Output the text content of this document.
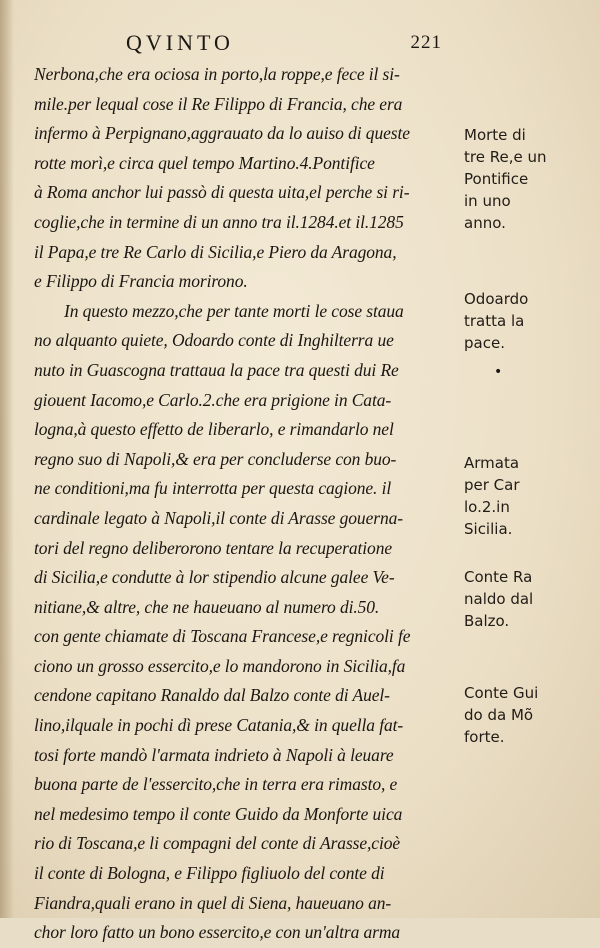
QVINTO	221
Nerbona,che era ociosa in porto,la roppe,e fece il si-
mile.per lequal cose il Re Filippo di Francia, che era
infermo à Perpignano,aggrauato da lo auiso di queste
rotte morì,e circa quel tempo Martino.4.Pontifice
à Roma anchor lui passò di questa uita,el perche si ri-
coglie,che in termine di un anno tra il.1284.et il.1285
il Papa,e tre Re Carlo di Sicilia,e Piero da Aragona,
e Filippo di Francia morirono.
In questo mezzo,che per tante morti le cose staua
no alquanto quiete, Odoardo conte di Inghilterra ue
nuto in Guascogna trattaua la pace tra questi dui Re
giouent Iacomo,e Carlo.2.che era prigione in Cata-
logna,à questo effetto de liberarlo, e rimandarlo nel
regno suo di Napoli,& era per concluderse con buo-
ne conditioni,ma fu interrotta per questa cagione. il
cardinale legato à Napoli,il conte di Arasse gouerna-
tori del regno deliberorono tentare la recuperatione
di Sicilia,e condutte à lor stipendio alcune galee Ve-
nitiane,& altre, che ne haueuano al numero di.50.
con gente chiamate di Toscana Francese,e regnicoli fe
ciono un grosso essercito,e lo mandorono in Sicilia,fa
cendone capitano Ranaldo dal Balzo conte di Auel-
lino,ilquale in pochi dì prese Catania,& in quella fat-
tosi forte mandò l'armata indrieto à Napoli à leuare
buona parte de l'essercito,che in terra era rimasto, e
nel medesimo tempo il conte Guido da Monforte uica
rio di Toscana,e li compagni del conte di Arasse,cioè
il conte di Bologna, e Filippo figliuolo del conte di
Fiandra,quali erano in quel di Siena, haueuano an-
chor loro fatto un bono essercito,e con un'altra arma
Morte di
tre Re,e un
Pontifice
in uno
anno.
Odoardo
tratta la
pace.
•
Armata
per Car
lo.2.in
Sicilia.
Conte Ra
naldo dal
Balzo.
Conte Gui
do da Mõ
forte.
